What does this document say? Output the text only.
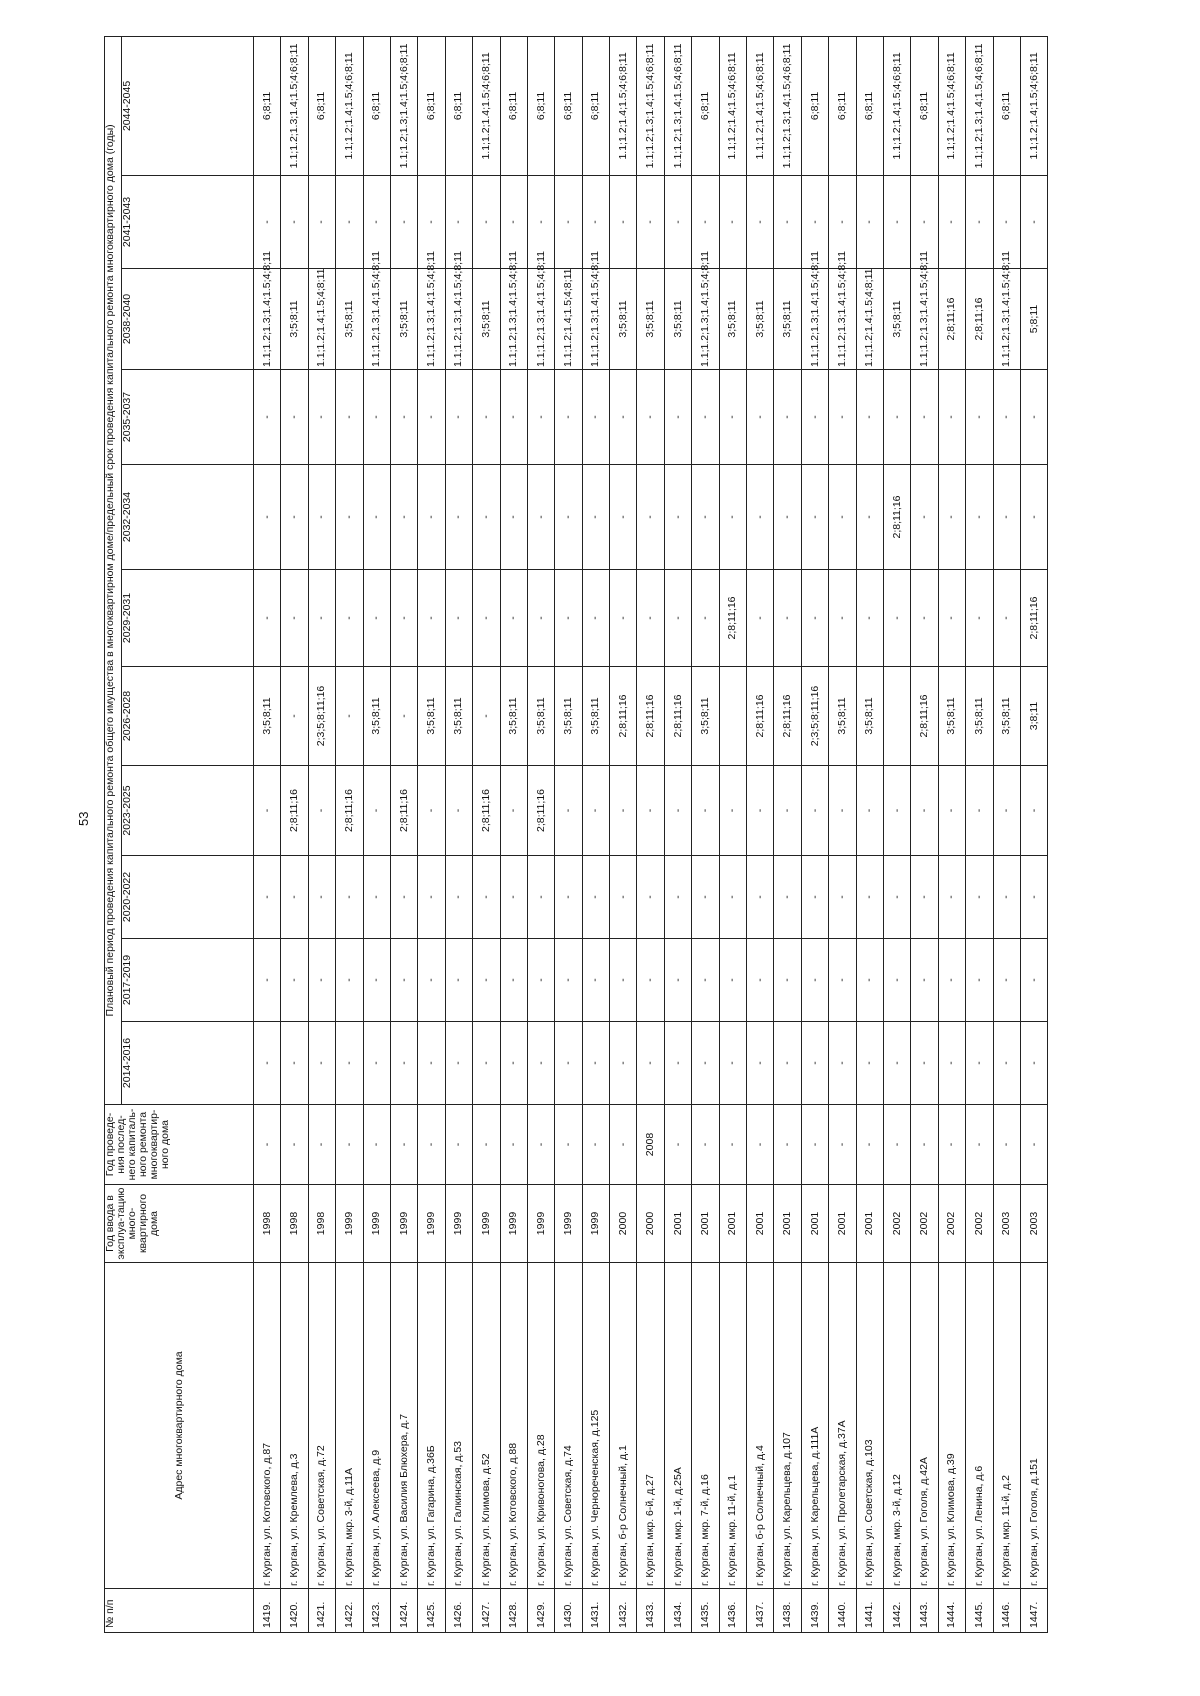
53
№ п/п	Адрес многоквартирного дома	Год ввода в эксплуа-тацию много-квартирного дома	Год проведе-ния послед-него капиталь-ного ремонта многоквартир-ного дома	Плановый период проведения капитального ремонта общего имущества в многоквартирном доме/предельный срок проведения капитального ремонта многоквартирного дома (годы)										
				2014-2016	2017-2019	2020-2022	2023-2025	2026-2028	2029-2031	2032-2034	2035-2037	2038-2040	2041-2043	2044-2045
1419.	г. Курган, ул. Котовского, д.87	1998	-	-	-	-	-	3;5;8;11	-	-	-	1.1;1.2;1.3;1.4;1.5;4;8;11	-	6;8;11
1420.	г. Курган, ул. Кремлева, д.3	1998	-	-	-	-	2;8;11;16	-	-	-	-	3;5;8;11	-	1.1;1.2;1.3;1.4;1.5;4;6;8;11
1421.	г. Курган, ул. Советская, д.72	1998	-	-	-	-	-	2;3;5;8;11;16	-	-	-	1.1;1.2;1.4;1.5;4;8;11	-	6;8;11
1422.	г. Курган, мкр. 3-й, д.11А	1999	-	-	-	-	2;8;11;16	-	-	-	-	3;5;8;11	-	1.1;1.2;1.4;1.5;4;6;8;11
1423.	г. Курган, ул. Алексеева, д.9	1999	-	-	-	-	-	3;5;8;11	-	-	-	1.1;1.2;1.3;1.4;1.5;4;8;11	-	6;8;11
1424.	г. Курган, ул. Василия Блюхера, д.7	1999	-	-	-	-	2;8;11;16	-	-	-	-	3;5;8;11	-	1.1;1.2;1.3;1.4;1.5;4;6;8;11
1425.	г. Курган, ул. Гагарина, д.36Б	1999	-	-	-	-	-	3;5;8;11	-	-	-	1.1;1.2;1.3;1.4;1.5;4;8;11	-	6;8;11
1426.	г. Курган, ул. Галкинская, д.53	1999	-	-	-	-	-	3;5;8;11	-	-	-	1.1;1.2;1.3;1.4;1.5;4;8;11	-	6;8;11
1427.	г. Курган, ул. Климова, д.52	1999	-	-	-	-	2;8;11;16	-	-	-	-	3;5;8;11	-	1.1;1.2;1.4;1.5;4;6;8;11
1428.	г. Курган, ул. Котовского, д.88	1999	-	-	-	-	-	3;5;8;11	-	-	-	1.1;1.2;1.3;1.4;1.5;4;8;11	-	6;8;11
1429.	г. Курган, ул. Кривоногова, д.28	1999	-	-	-	-	2;8;11;16	3;5;8;11	-	-	-	1.1;1.2;1.3;1.4;1.5;4;8;11	-	6;8;11
1430.	г. Курган, ул. Советская, д.74	1999	-	-	-	-	-	3;5;8;11	-	-	-	1.1;1.2;1.4;1.5;4;8;11	-	6;8;11
1431.	г. Курган, ул. Чернореченская, д.125	1999	-	-	-	-	-	3;5;8;11	-	-	-	1.1;1.2;1.3;1.4;1.5;4;8;11	-	6;8;11
1432.	г. Курган, б-р Солнечный, д.1	2000	-	-	-	-	-	2;8;11;16	-	-	-	3;5;8;11	-	1.1;1.2;1.4;1.5;4;6;8;11
1433.	г. Курган, мкр. 6-й, д.27	2000	2008	-	-	-	-	2;8;11;16	-	-	-	3;5;8;11	-	1.1;1.2;1.3;1.4;1.5;4;6;8;11
1434.	г. Курган, мкр. 1-й, д.25А	2001	-	-	-	-	-	2;8;11;16	-	-	-	3;5;8;11	-	1.1;1.2;1.3;1.4;1.5;4;6;8;11
1435.	г. Курган, мкр. 7-й, д.16	2001	-	-	-	-	-	3;5;8;11	-	-	-	1.1;1.2;1.3;1.4;1.5;4;8;11	-	6;8;11
1436.	г. Курган, мкр. 11-й, д.1	2001	-	-	-	-	-		2;8;11;16	-	-	3;5;8;11	-	1.1;1.2;1.4;1.5;4;6;8;11
1437.	г. Курган, б-р Солнечный, д.4	2001	-	-	-	-	-	2;8;11;16	-	-	-	3;5;8;11	-	1.1;1.2;1.4;1.5;4;6;8;11
1438.	г. Курган, ул. Карельцева, д.107	2001	-	-	-	-	-	2;8;11;16	-	-	-	3;5;8;11	-	1.1;1.2;1.3;1.4;1.5;4;6;8;11
1439.	г. Курган, ул. Карельцева, д.111А	2001	-	-	-	-	-	2;3;5;8;11;16	-	-	-	1.1;1.2;1.3;1.4;1.5;4;8;11	-	6;8;11
1440.	г. Курган, ул. Пролетарская, д.37А	2001	-	-	-	-	-	3;5;8;11	-	-	-	1.1;1.2;1.3;1.4;1.5;4;8;11	-	6;8;11
1441.	г. Курган, ул. Советская, д.103	2001	-	-	-	-	-	3;5;8;11	-	-	-	1.1;1.2;1.4;1.5;4;8;11	-	6;8;11
1442.	г. Курган, мкр. 3-й, д.12	2002	-	-	-	-	-		-	2;8;11;16	-	3;5;8;11	-	1.1;1.2;1.4;1.5;4;6;8;11
1443.	г. Курган, ул. Гоголя, д.42А	2002	-	-	-	-	-	2;8;11;16	-	-	-	1.1;1.2;1.3;1.4;1.5;4;8;11	-	6;8;11
1444.	г. Курган, ул. Климова, д.39	2002	-	-	-	-	-	3;5;8;11	-	-	-	2;8;11;16	-	1.1;1.2;1.4;1.5;4;6;8;11
1445.	г. Курган, ул. Ленина, д.6	2002	-	-	-	-	-	3;5;8;11	-	-	-	2;8;11;16	-	1.1;1.2;1.3;1.4;1.5;4;6;8;11
1446.	г. Курган, мкр. 11-й, д.2	2003	-	-	-	-	-	3;5;8;11	-	-	-	1.1;1.2;1.3;1.4;1.5;4;8;11	-	6;8;11
1447.	г. Курган, ул. Гоголя, д.151	2003	-	-	-	-	-	3;8;11	2;8;11;16	-	-	5;8;11	-	1.1;1.2;1.4;1.5;4;6;8;11
